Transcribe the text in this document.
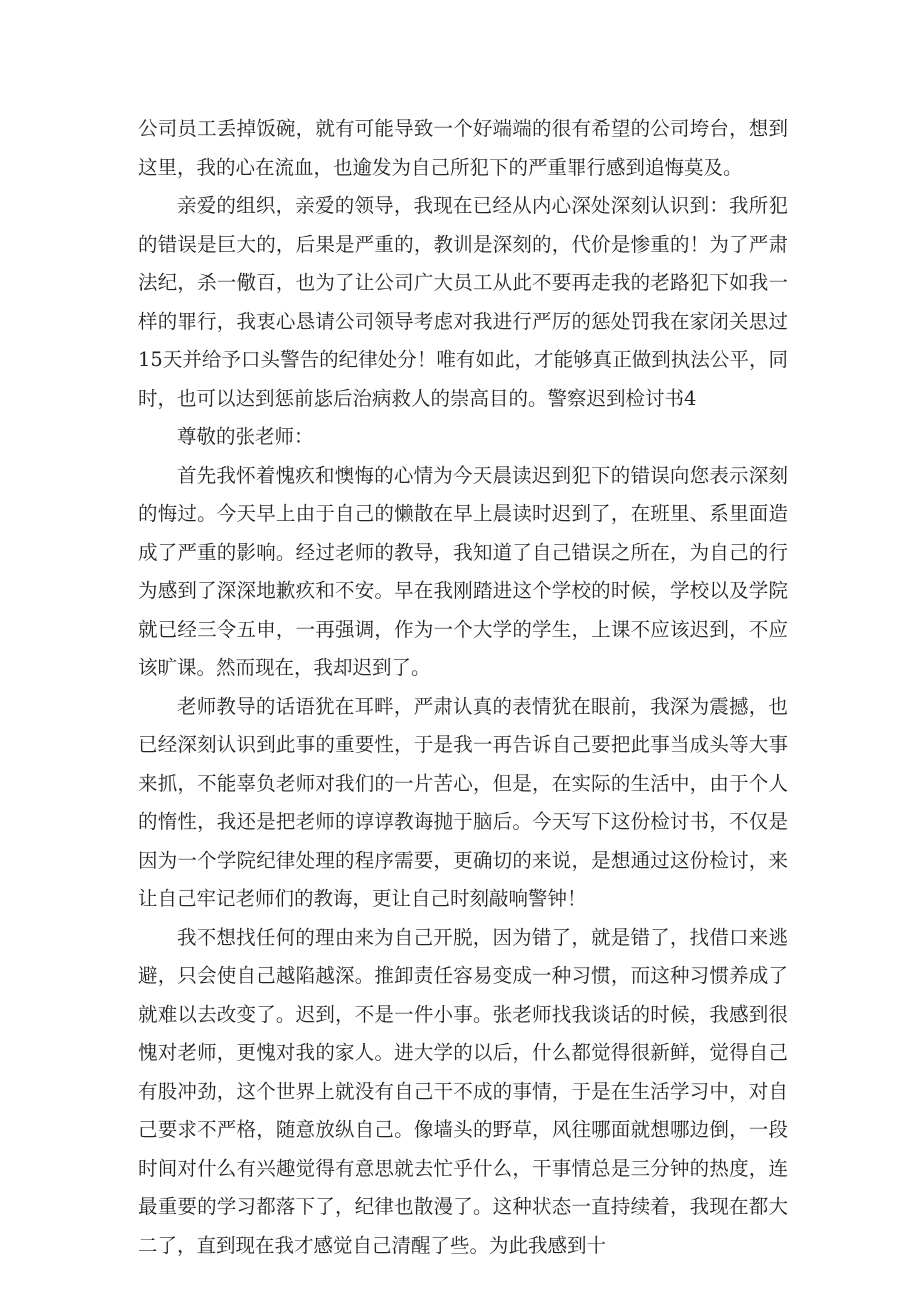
公司员工丢掉饭碗，就有可能导致一个好端端的很有希望的公司垮台，想到这里，我的心在流血，也逾发为自己所犯下的严重罪行感到追悔莫及。

亲爱的组织，亲爱的领导，我现在已经从内心深处深刻认识到：我所犯的错误是巨大的，后果是严重的，教训是深刻的，代价是惨重的！为了严肃法纪，杀一儆百，也为了让公司广大员工从此不要再走我的老路犯下如我一样的罪行，我衷心恳请公司领导考虑对我进行严厉的惩处罚我在家闭关思过15天并给予口头警告的纪律处分！唯有如此，才能够真正做到执法公平，同时，也可以达到惩前毖后治病救人的崇高目的。警察迟到检讨书4

尊敬的张老师：

首先我怀着愧疚和懊悔的心情为今天晨读迟到犯下的错误向您表示深刻的悔过。今天早上由于自己的懒散在早上晨读时迟到了，在班里、系里面造成了严重的影响。经过老师的教导，我知道了自己错误之所在，为自己的行为感到了深深地歉疚和不安。早在我刚踏进这个学校的时候，学校以及学院就已经三令五申，一再强调，作为一个大学的学生，上课不应该迟到，不应该旷课。然而现在，我却迟到了。

老师教导的话语犹在耳畔，严肃认真的表情犹在眼前，我深为震撼，也已经深刻认识到此事的重要性，于是我一再告诉自己要把此事当成头等大事来抓，不能辜负老师对我们的一片苦心，但是，在实际的生活中，由于个人的惰性，我还是把老师的谆谆教诲抛于脑后。今天写下这份检讨书，不仅是因为一个学院纪律处理的程序需要，更确切的来说，是想通过这份检讨，来让自己牢记老师们的教诲，更让自己时刻敲响警钟！

我不想找任何的理由来为自己开脱，因为错了，就是错了，找借口来逃避，只会使自己越陷越深。推卸责任容易变成一种习惯，而这种习惯养成了就难以去改变了。迟到，不是一件小事。张老师找我谈话的时候，我感到很愧对老师，更愧对我的家人。进大学的以后，什么都觉得很新鲜，觉得自己有股冲劲，这个世界上就没有自己干不成的事情，于是在生活学习中，对自己要求不严格，随意放纵自己。像墙头的野草，风往哪面就想哪边倒，一段时间对什么有兴趣觉得有意思就去忙乎什么，干事情总是三分钟的热度，连最重要的学习都落下了，纪律也散漫了。这种状态一直持续着，我现在都大二了，直到现在我才感觉自己清醒了些。为此我感到十
